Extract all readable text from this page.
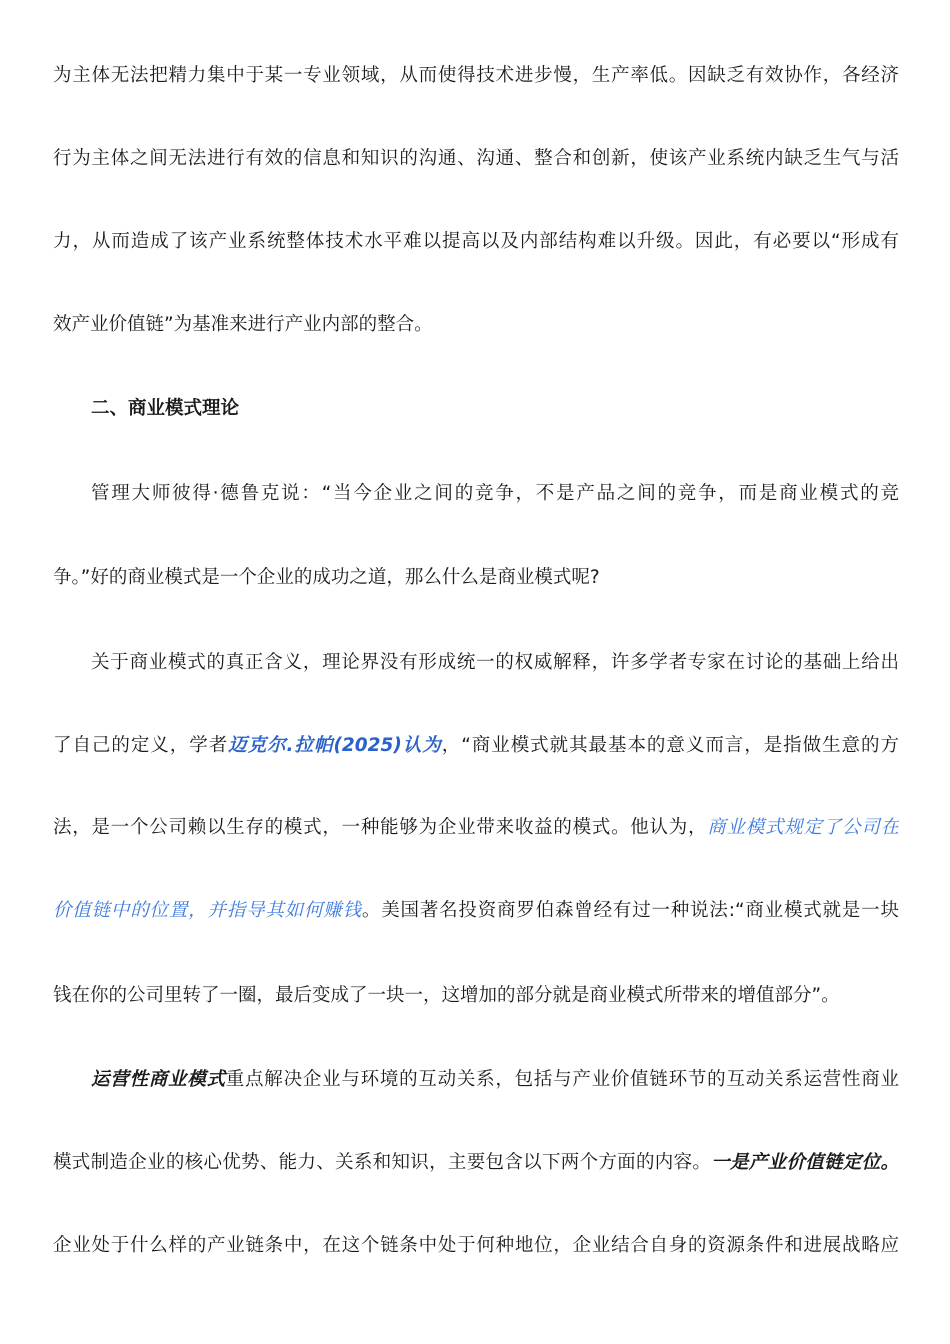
为主体无法把精力集中于某一专业领域，从而使得技术进步慢，生产率低。因缺乏有效协作，各经济
行为主体之间无法进行有效的信息和知识的沟通、沟通、整合和创新，使该产业系统内缺乏生气与活
力，从而造成了该产业系统整体技术水平难以提高以及内部结构难以升级。因此，有必要以“形成有
效产业价值链”为基准来进行产业内部的整合。
二、商业模式理论
管理大师彼得·德鲁克说：“当今企业之间的竞争，不是产品之间的竞争，而是商业模式的竞
争。”好的商业模式是一个企业的成功之道，那么什么是商业模式呢?
关于商业模式的真正含义，理论界没有形成统一的权威解释，许多学者专家在讨论的基础上给出
了自己的定义，学者迈克尔.拉帕(2025)认为，“商业模式就其最基本的意义而言，是指做生意的方
法，是一个公司赖以生存的模式，一种能够为企业带来收益的模式。他认为，商业模式规定了公司在
价值链中的位置，并指导其如何赚钱。美国著名投资商罗伯森曾经有过一种说法:“商业模式就是一块
钱在你的公司里转了一圈，最后变成了一块一，这增加的部分就是商业模式所带来的增值部分”。
运营性商业模式重点解决企业与环境的互动关系，包括与产业价值链环节的互动关系运营性商业
模式制造企业的核心优势、能力、关系和知识，主要包含以下两个方面的内容。一是产业价值链定位。
企业处于什么样的产业链条中，在这个链条中处于何种地位，企业结合自身的资源条件和进展战略应
